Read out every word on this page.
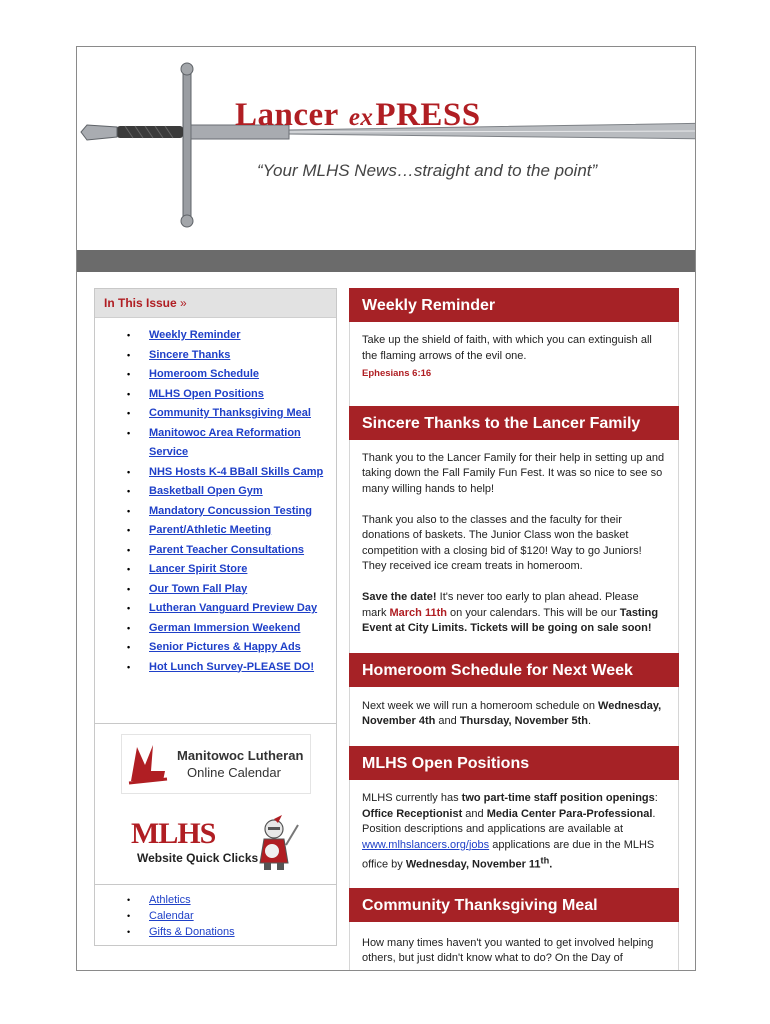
Lancer exPRESS
“Your MLHS News…straight and to the point”
In This Issue »
• Weekly Reminder
• Sincere Thanks
• Homeroom Schedule
• MLHS Open Positions
• Community Thanksgiving Meal
• Manitowoc Area Reformation Service
• NHS Hosts K-4 BBall Skills Camp
• Basketball Open Gym
• Mandatory Concussion Testing
• Parent/Athletic Meeting
• Parent Teacher Consultations
• Lancer Spirit Store
• Our Town Fall Play
• Lutheran Vanguard Preview Day
• German Immersion Weekend
• Senior Pictures & Happy Ads
• Hot Lunch Survey-PLEASE DO!
Manitowoc Lutheran
Online Calendar
MLHS
Website Quick Clicks
• Athletics
• Calendar
• Gifts & Donations
Weekly Reminder

Take up the shield of faith, with which you can extinguish all the flaming arrows of the evil one.

Ephesians 6:16

Sincere Thanks to the Lancer Family

Thank you to the Lancer Family for their help in setting up and taking down the Fall Family Fun Fest. It was so nice to see so many willing hands to help!

Thank you also to the classes and the faculty for their donations of baskets. The Junior Class won the basket competition with a closing bid of $120! Way to go Juniors! They received ice cream treats in homeroom.

Save the date! It's never too early to plan ahead. Please mark March 11th on your calendars. This will be our Tasting Event at City Limits. Tickets will be going on sale soon!

Homeroom Schedule for Next Week

Next week we will run a homeroom schedule on Wednesday, November 4th and Thursday, November 5th.

MLHS Open Positions

MLHS currently has two part-time staff position openings: Office Receptionist and Media Center Para-Professional. Position descriptions and applications are available at www.mlhslancers.org/jobs applications are due in the MLHS office by Wednesday, November 11th.

Community Thanksgiving Meal

How many times haven't you wanted to get involved helping others, but just didn't know what to do? On the Day of
